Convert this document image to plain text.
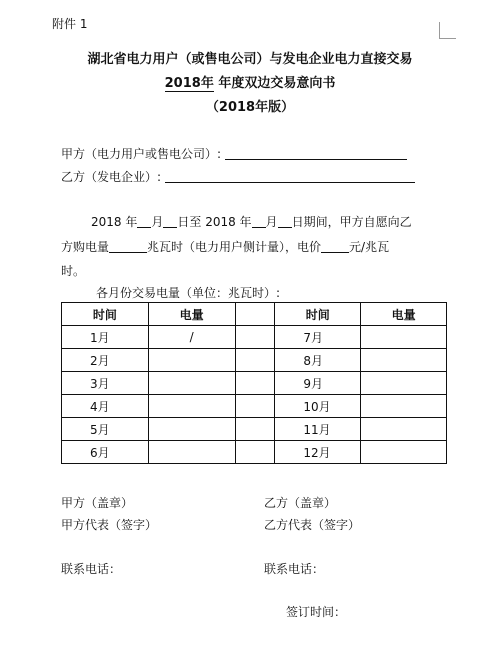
附件 1
湖北省电力用户（或售电公司）与发电企业电力直接交易
2018年 年度双边交易意向书
（2018年版）
甲方（电力用户或售电公司）:
乙方（发电企业）:
2018 年 月 日至 2018 年 月 日期间，甲方自愿向乙
方购电量	兆瓦时（电力用户侧计量），电价 元/兆瓦
时。
各月份交易电量（单位：兆瓦时）:
时间	电量		时间	电量
1月	/		7月	
2月			8月	
3月			9月	
4月			10月	
5月			11月	
6月			12月	
甲方（盖章）	乙方（盖章）
甲方代表（签字）	乙方代表（签字）
联系电话：	联系电话：
签订时间：
